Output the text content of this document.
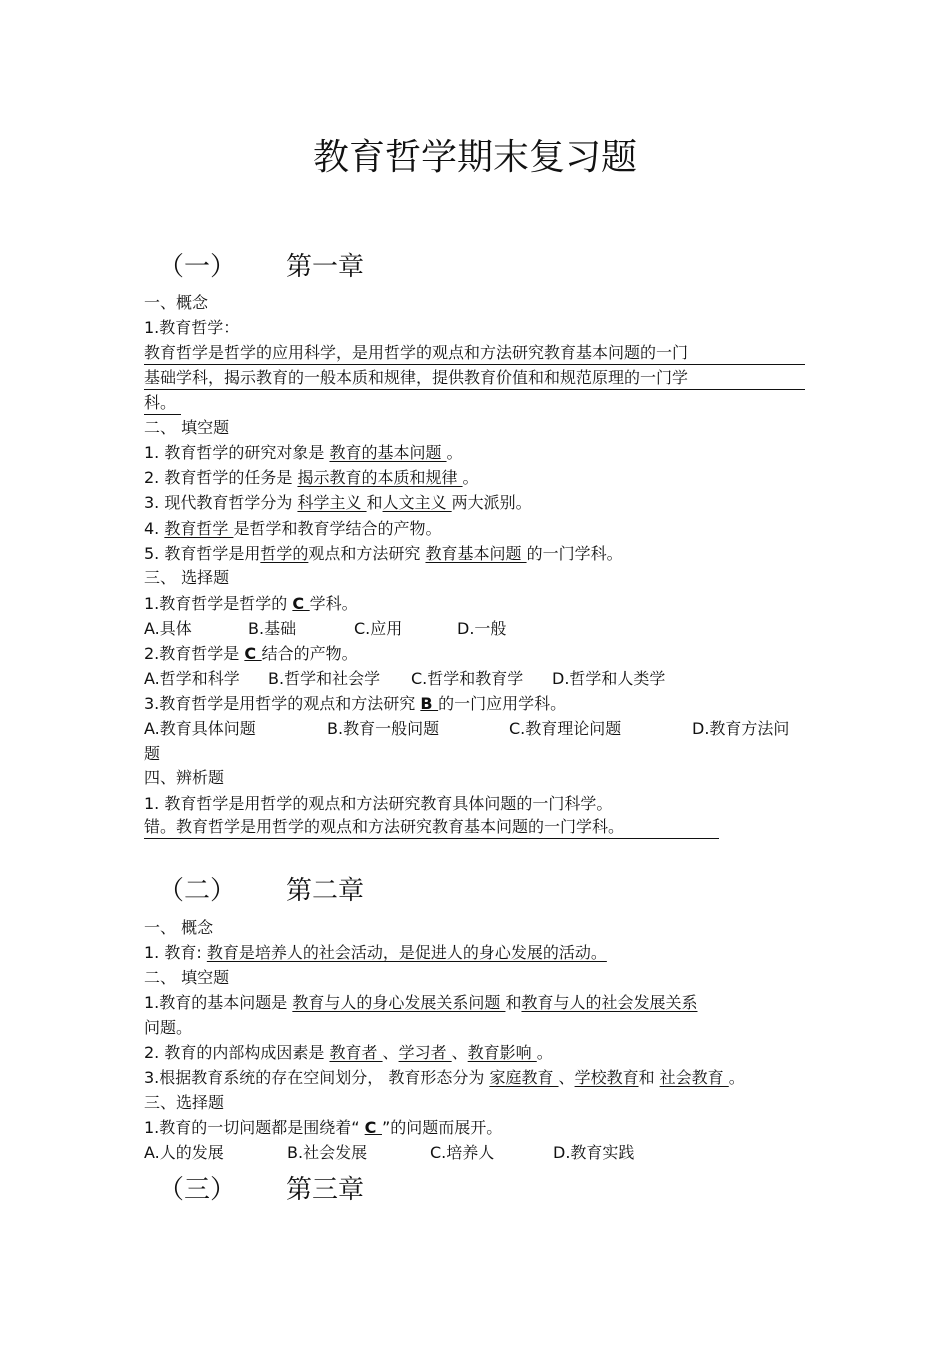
教育哲学期末复习题
（一） 第一章
一、概念
1.教育哲学：
教育哲学是哲学的应用科学，是用哲学的观点和方法研究教育基本问题的一门
基础学科，揭示教育的一般本质和规律，提供教育价值和和规范原理的一门学
科。
二、 填空题
1. 教育哲学的研究对象是 教育的基本问题 。
2. 教育哲学的任务是 揭示教育的本质和规律 。
3. 现代教育哲学分为 科学主义 和人文主义 两大派别。
4. 教育哲学 是哲学和教育学结合的产物。
5. 教育哲学是用哲学的观点和方法研究 教育基本问题 的一门学科。
三、 选择题
1.教育哲学是哲学的 C 学科。
A.具体	B.基础	C.应用	D.一般
2.教育哲学是 C 结合的产物。
A.哲学和科学 B.哲学和社会学 C.哲学和教育学 D.哲学和人类学
3.教育哲学是用哲学的观点和方法研究 B 的一门应用学科。
A.教育具体问题	B.教育一般问题	C.教育理论问题	D.教育方法问
题
四、辨析题
1. 教育哲学是用哲学的观点和方法研究教育具体问题的一门科学。
错。教育哲学是用哲学的观点和方法研究教育基本问题的一门学科。
（二） 第二章
一、 概念
1. 教育: 教育是培养人的社会活动，是促进人的身心发展的活动。
二、 填空题
1.教育的基本问题是 教育与人的身心发展关系问题 和教育与人的社会发展关系
问题。
2. 教育的内部构成因素是 教育者 、学习者 、教育影响 。
3.根据教育系统的存在空间划分， 教育形态分为 家庭教育 、学校教育和 社会教育 。
三、选择题
1.教育的一切问题都是围绕着“ C ”的问题而展开。
A.人的发展	B.社会发展	C.培养人	D.教育实践
（三） 第三章
